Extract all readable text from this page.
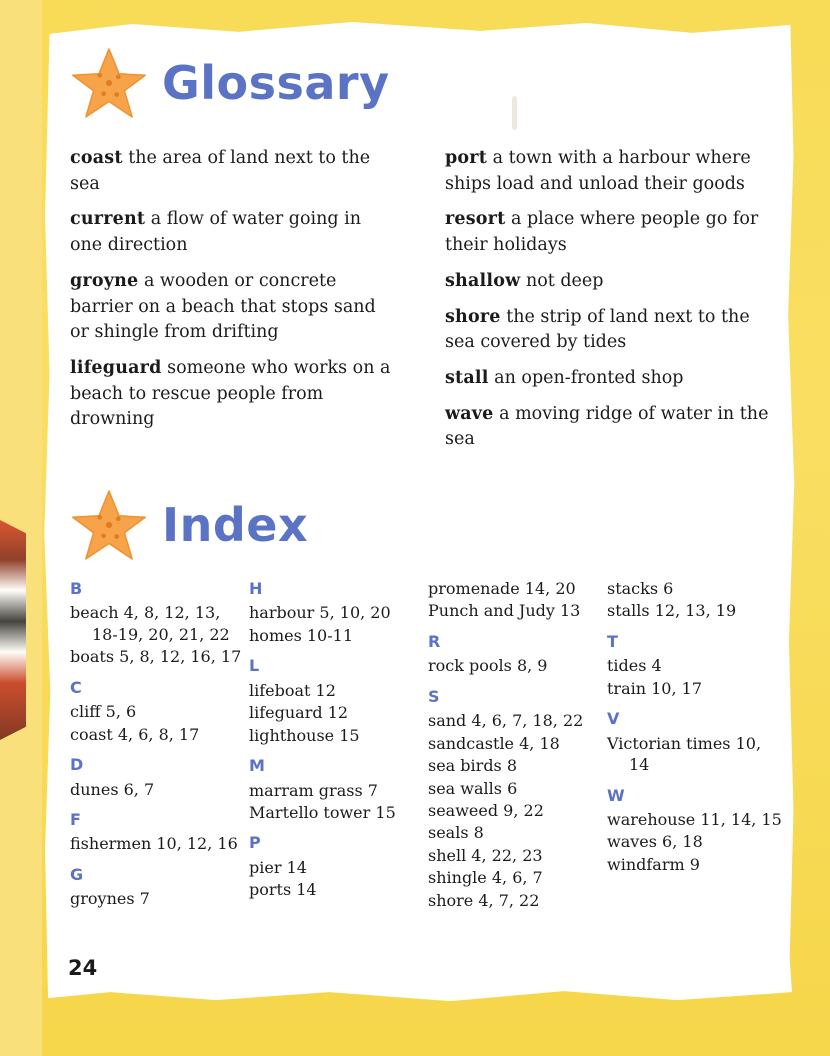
Glossary
coast the area of land next to the sea
current a flow of water going in one direction
groyne a wooden or concrete barrier on a beach that stops sand or shingle from drifting
lifeguard someone who works on a beach to rescue people from drowning
port a town with a harbour where ships load and unload their goods
resort a place where people go for their holidays
shallow not deep
shore the strip of land next to the sea covered by tides
stall an open-fronted shop
wave a moving ridge of water in the sea
Index
B
beach 4, 8, 12, 13, 18-19, 20, 21, 22
boats 5, 8, 12, 16, 17
C
cliff 5, 6
coast 4, 6, 8, 17
D
dunes 6, 7
F
fishermen 10, 12, 16
G
groynes 7
H
harbour 5, 10, 20
homes 10-11
L
lifeboat 12
lifeguard 12
lighthouse 15
M
marram grass 7
Martello tower 15
P
pier 14
ports 14
promenade 14, 20
Punch and Judy 13
R
rock pools 8, 9
S
sand 4, 6, 7, 18, 22
sandcastle 4, 18
sea birds 8
sea walls 6
seaweed 9, 22
seals 8
shell 4, 22, 23
shingle 4, 6, 7
shore 4, 7, 22
stacks 6
stalls 12, 13, 19
T
tides 4
train 10, 17
V
Victorian times 10, 14
W
warehouse 11, 14, 15
waves 6, 18
windfarm 9
24
